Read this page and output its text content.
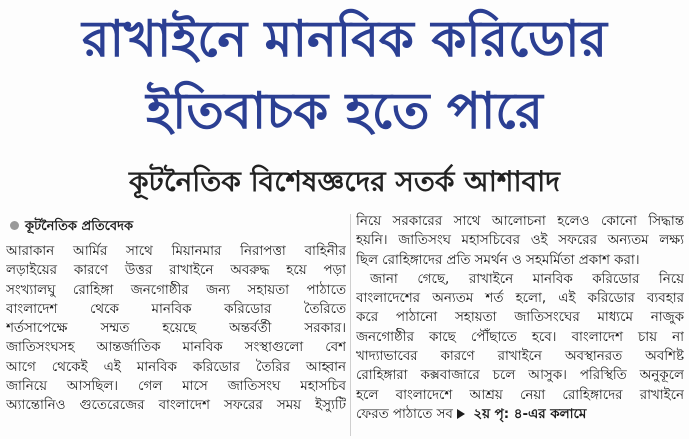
রাখাইনে মানবিক করিডোর
ইতিবাচক হতে পারে
কূটনৈতিক বিশেষজ্ঞদের সতর্ক আশাবাদ
কূটনৈতিক প্রতিবেদক
আরাকান আর্মির সাথে মিয়ানমার নিরাপত্তা বাহিনীর
লড়াইয়ের কারণে উত্তর রাখাইনে অবরুদ্ধ হয়ে পড়া
সংখ্যালঘু রোহিঙ্গা জনগোষ্ঠীর জন্য সহায়তা পাঠাতে
বাংলাদেশ থেকে মানবিক করিডোর তৈরিতে
শর্তসাপেক্ষে সম্মত হয়েছে অন্তর্বর্তী সরকার।
জাতিসংঘসহ আন্তর্জাতিক মানবিক সংস্থাগুলো বেশ
আগে থেকেই এই মানবিক করিডোর তৈরির আহ্বান
জানিয়ে আসছিল। গেল মাসে জাতিসংঘ মহাসচিব
অ্যান্তোনিও গুতেরেজের বাংলাদেশ সফরের সময় ইস্যুটি
নিয়ে সরকারের সাথে আলোচনা হলেও কোনো সিদ্ধান্ত
হয়নি। জাতিসংঘ মহাসচিবের ওই সফরের অন্যতম লক্ষ্য
ছিল রোহিঙ্গাদের প্রতি সমর্থন ও সহমর্মিতা প্রকাশ করা।
জানা গেছে, রাখাইনে মানবিক করিডোর নিয়ে
বাংলাদেশের অন্যতম শর্ত হলো, এই করিডোর ব্যবহার
করে পাঠানো সহায়তা জাতিসংঘের মাধ্যমে নাজুক
জনগোষ্ঠীর কাছে পৌঁছাতে হবে। বাংলাদেশ চায় না
খাদ্যাভাবের কারণে রাখাইনে অবস্থানরত অবশিষ্ট
রোহিঙ্গারা কক্সবাজারে চলে আসুক। পরিস্থিতি অনুকূলে
হলে বাংলাদেশে আশ্রয় নেয়া রোহিঙ্গাদের রাখাইনে
ফেরত পাঠাতে সব ২য় পৃ: ৪-এর কলামে
